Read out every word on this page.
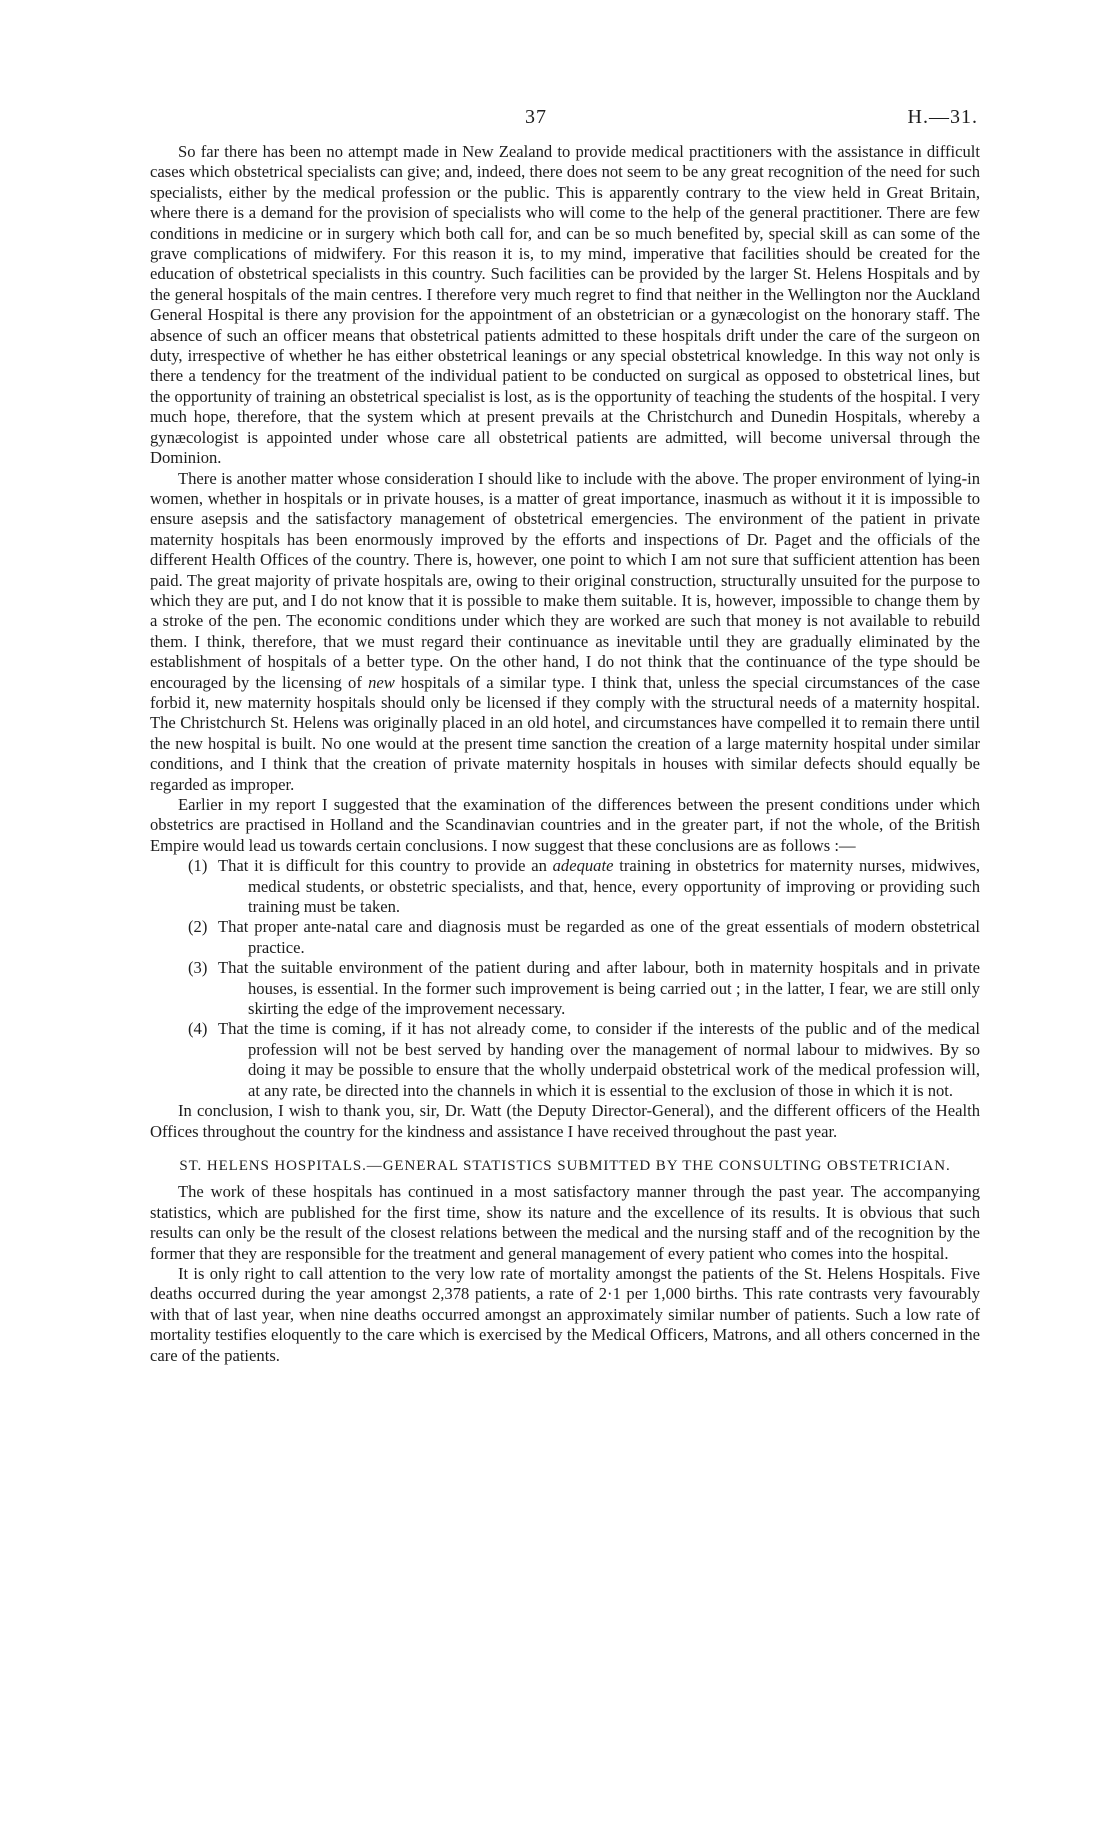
37	H.—31.

So far there has been no attempt made in New Zealand to provide medical practitioners with the assistance in difficult cases which obstetrical specialists can give; and, indeed, there does not seem to be any great recognition of the need for such specialists, either by the medical profession or the public. This is apparently contrary to the view held in Great Britain, where there is a demand for the provision of specialists who will come to the help of the general practitioner. There are few conditions in medicine or in surgery which both call for, and can be so much benefited by, special skill as can some of the grave complications of midwifery. For this reason it is, to my mind, imperative that facilities should be created for the education of obstetrical specialists in this country. Such facilities can be provided by the larger St. Helens Hospitals and by the general hospitals of the main centres. I therefore very much regret to find that neither in the Wellington nor the Auckland General Hospital is there any provision for the appointment of an obstetrician or a gynæcologist on the honorary staff. The absence of such an officer means that obstetrical patients admitted to these hospitals drift under the care of the surgeon on duty, irrespective of whether he has either obstetrical leanings or any special obstetrical knowledge. In this way not only is there a tendency for the treatment of the individual patient to be conducted on surgical as opposed to obstetrical lines, but the opportunity of training an obstetrical specialist is lost, as is the opportunity of teaching the students of the hospital. I very much hope, therefore, that the system which at present prevails at the Christchurch and Dunedin Hospitals, whereby a gynæcologist is appointed under whose care all obstetrical patients are admitted, will become universal through the Dominion.

There is another matter whose consideration I should like to include with the above. The proper environment of lying-in women, whether in hospitals or in private houses, is a matter of great importance, inasmuch as without it it is impossible to ensure asepsis and the satisfactory management of obstetrical emergencies. The environment of the patient in private maternity hospitals has been enormously improved by the efforts and inspections of Dr. Paget and the officials of the different Health Offices of the country. There is, however, one point to which I am not sure that sufficient attention has been paid. The great majority of private hospitals are, owing to their original construction, structurally unsuited for the purpose to which they are put, and I do not know that it is possible to make them suitable. It is, however, impossible to change them by a stroke of the pen. The economic conditions under which they are worked are such that money is not available to rebuild them. I think, therefore, that we must regard their continuance as inevitable until they are gradually eliminated by the establishment of hospitals of a better type. On the other hand, I do not think that the continuance of the type should be encouraged by the licensing of new hospitals of a similar type. I think that, unless the special circumstances of the case forbid it, new maternity hospitals should only be licensed if they comply with the structural needs of a maternity hospital. The Christchurch St. Helens was originally placed in an old hotel, and circumstances have compelled it to remain there until the new hospital is built. No one would at the present time sanction the creation of a large maternity hospital under similar conditions, and I think that the creation of private maternity hospitals in houses with similar defects should equally be regarded as improper.

Earlier in my report I suggested that the examination of the differences between the present conditions under which obstetrics are practised in Holland and the Scandinavian countries and in the greater part, if not the whole, of the British Empire would lead us towards certain conclusions. I now suggest that these conclusions are as follows :—

(1) That it is difficult for this country to provide an adequate training in obstetrics for maternity nurses, midwives, medical students, or obstetric specialists, and that, hence, every opportunity of improving or providing such training must be taken.
(2) That proper ante-natal care and diagnosis must be regarded as one of the great essentials of modern obstetrical practice.
(3) That the suitable environment of the patient during and after labour, both in maternity hospitals and in private houses, is essential. In the former such improvement is being carried out ; in the latter, I fear, we are still only skirting the edge of the improvement necessary.
(4) That the time is coming, if it has not already come, to consider if the interests of the public and of the medical profession will not be best served by handing over the management of normal labour to midwives. By so doing it may be possible to ensure that the wholly underpaid obstetrical work of the medical profession will, at any rate, be directed into the channels in which it is essential to the exclusion of those in which it is not.

In conclusion, I wish to thank you, sir, Dr. Watt (the Deputy Director-General), and the different officers of the Health Offices throughout the country for the kindness and assistance I have received throughout the past year.

ST. HELENS HOSPITALS.—GENERAL STATISTICS SUBMITTED BY THE CONSULTING OBSTETRICIAN.

The work of these hospitals has continued in a most satisfactory manner through the past year. The accompanying statistics, which are published for the first time, show its nature and the excellence of its results. It is obvious that such results can only be the result of the closest relations between the medical and the nursing staff and of the recognition by the former that they are responsible for the treatment and general management of every patient who comes into the hospital.

It is only right to call attention to the very low rate of mortality amongst the patients of the St. Helens Hospitals. Five deaths occurred during the year amongst 2,378 patients, a rate of 2·1 per 1,000 births. This rate contrasts very favourably with that of last year, when nine deaths occurred amongst an approximately similar number of patients. Such a low rate of mortality testifies eloquently to the care which is exercised by the Medical Officers, Matrons, and all others concerned in the care of the patients.
